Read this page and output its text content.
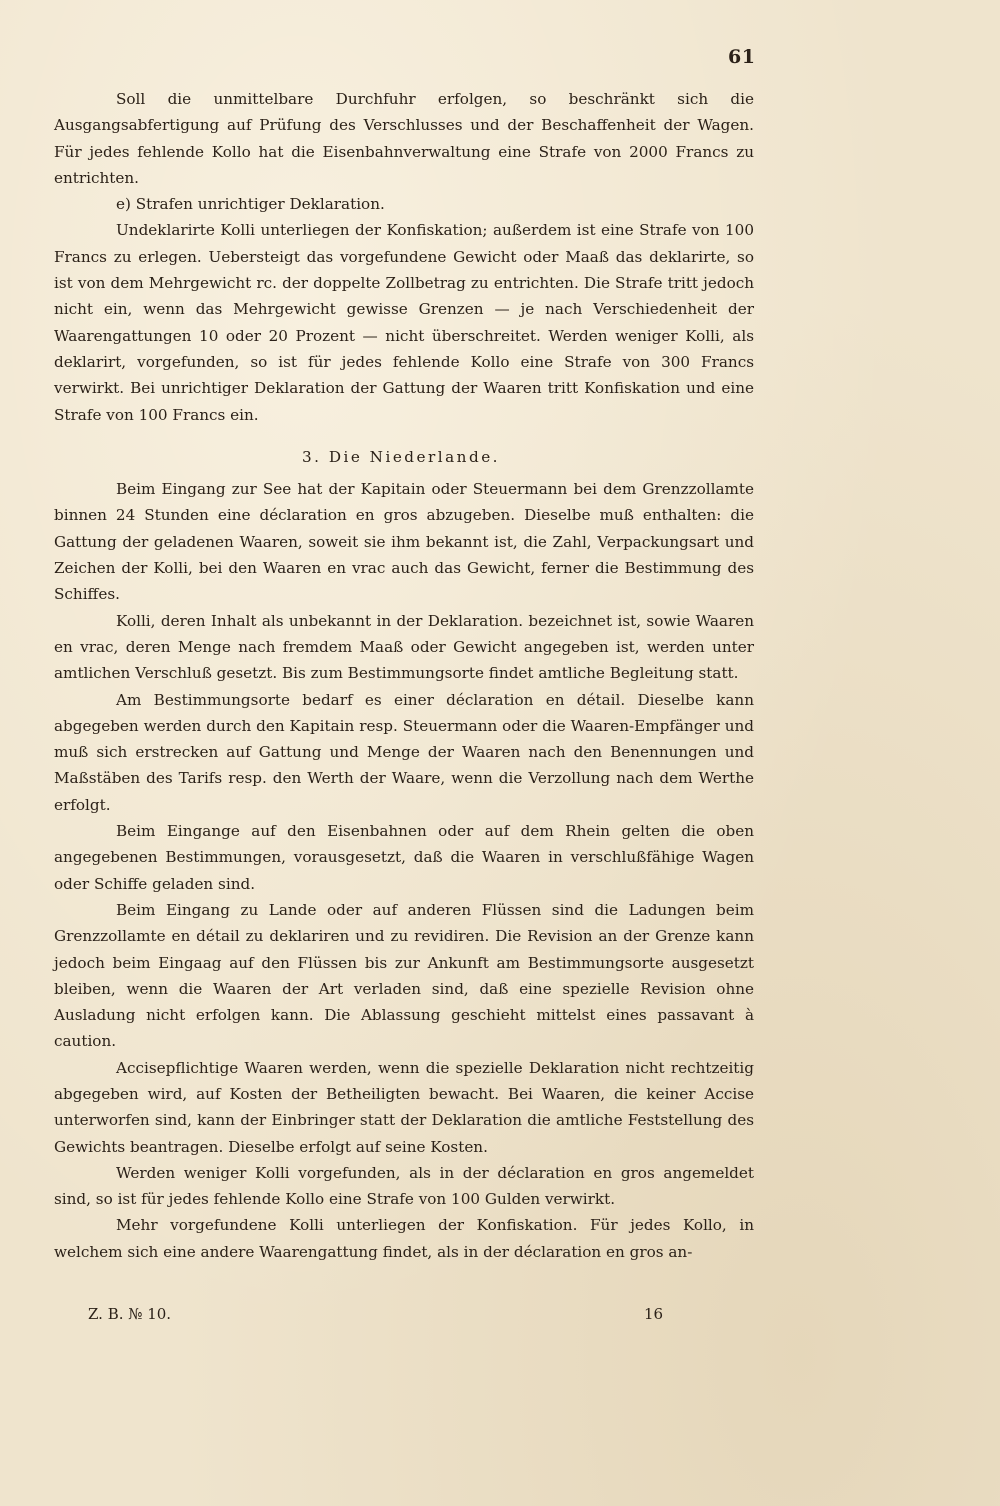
61

Soll die unmittelbare Durchfuhr erfolgen, so beschränkt sich die Ausgangsabfertigung auf Prüfung des Verschlusses und der Beschaffenheit der Wagen. Für jedes fehlende Kollo hat die Eisenbahnverwaltung eine Strafe von 2000 Francs zu entrichten.

e) Strafen unrichtiger Deklaration.

Undeklarirte Kolli unterliegen der Konfiskation; außerdem ist eine Strafe von 100 Francs zu erlegen. Uebersteigt das vorgefundene Gewicht oder Maaß das deklarirte, so ist von dem Mehrgewicht rc. der doppelte Zollbetrag zu entrichten. Die Strafe tritt jedoch nicht ein, wenn das Mehrgewicht gewisse Grenzen — je nach Verschiedenheit der Waarengattungen 10 oder 20 Prozent — nicht überschreitet. Werden weniger Kolli, als deklarirt, vorgefunden, so ist für jedes fehlende Kollo eine Strafe von 300 Francs verwirkt. Bei unrichtiger Deklaration der Gattung der Waaren tritt Konfiskation und eine Strafe von 100 Francs ein.

3. Die Niederlande.

Beim Eingang zur See hat der Kapitain oder Steuermann bei dem Grenzzollamte binnen 24 Stunden eine déclaration en gros abzugeben. Dieselbe muß enthalten: die Gattung der geladenen Waaren, soweit sie ihm bekannt ist, die Zahl, Verpackungsart und Zeichen der Kolli, bei den Waaren en vrac auch das Gewicht, ferner die Bestimmung des Schiffes.

Kolli, deren Inhalt als unbekannt in der Deklaration. bezeichnet ist, sowie Waaren en vrac, deren Menge nach fremdem Maaß oder Gewicht angegeben ist, werden unter amtlichen Verschluß gesetzt. Bis zum Bestimmungsorte findet amtliche Begleitung statt.

Am Bestimmungsorte bedarf es einer déclaration en détail. Dieselbe kann abgegeben werden durch den Kapitain resp. Steuermann oder die Waaren-Empfänger und muß sich erstrecken auf Gattung und Menge der Waaren nach den Benennungen und Maßstäben des Tarifs resp. den Werth der Waare, wenn die Verzollung nach dem Werthe erfolgt.

Beim Eingange auf den Eisenbahnen oder auf dem Rhein gelten die oben angegebenen Bestimmungen, vorausgesetzt, daß die Waaren in verschlußfähige Wagen oder Schiffe geladen sind.

Beim Eingang zu Lande oder auf anderen Flüssen sind die Ladungen beim Grenzzollamte en détail zu deklariren und zu revidiren. Die Revision an der Grenze kann jedoch beim Eingaag auf den Flüssen bis zur Ankunft am Bestimmungsorte ausgesetzt bleiben, wenn die Waaren der Art verladen sind, daß eine spezielle Revision ohne Ausladung nicht erfolgen kann. Die Ablassung geschieht mittelst eines passavant à caution.

Accisepflichtige Waaren werden, wenn die spezielle Deklaration nicht rechtzeitig abgegeben wird, auf Kosten der Betheiligten bewacht. Bei Waaren, die keiner Accise unterworfen sind, kann der Einbringer statt der Deklaration die amtliche Feststellung des Gewichts beantragen. Dieselbe erfolgt auf seine Kosten.

Werden weniger Kolli vorgefunden, als in der déclaration en gros angemeldet sind, so ist für jedes fehlende Kollo eine Strafe von 100 Gulden verwirkt.

Mehr vorgefundene Kolli unterliegen der Konfiskation. Für jedes Kollo, in welchem sich eine andere Waarengattung findet, als in der déclaration en gros an-

Z. B. № 10.	16
